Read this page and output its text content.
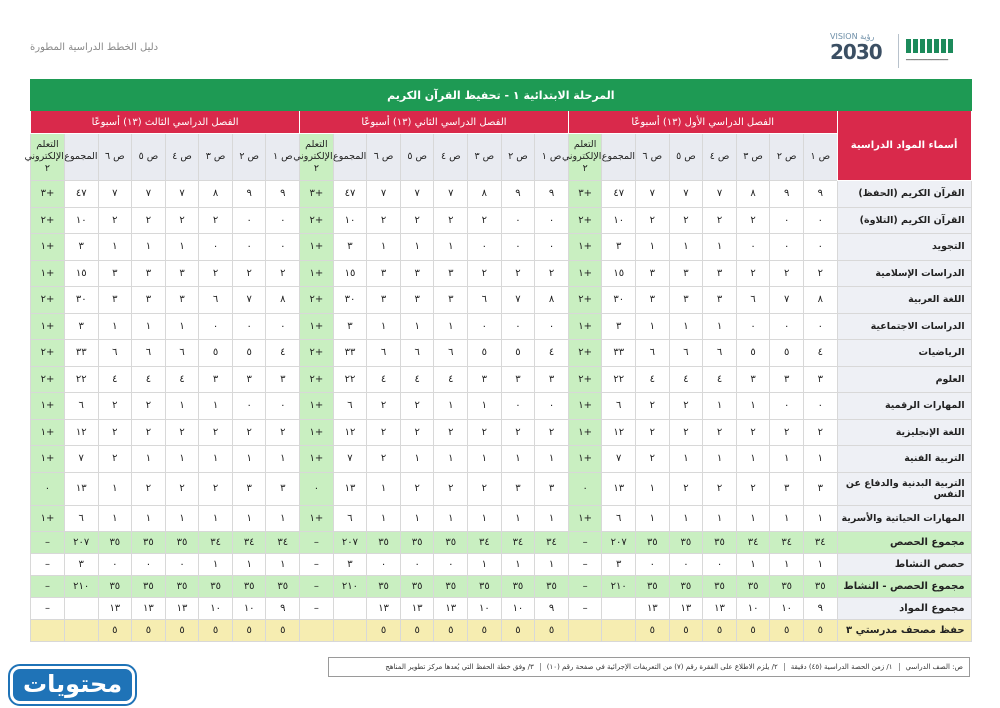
دليل الخطط الدراسية المطورة
VISION رؤية
2030	━━━━━━━━━━
المرحلة الابتدائية ١ - تحفيظ القرآن الكريم																								
أسماء المواد الدراسية	الفصل الدراسي الأول (١٣) أسبوعًا								الفصل الدراسي الثاني (١٣) أسبوعًا								الفصل الدراسي الثالث (١٣) أسبوعًا							
	ص ١	ص ٢	ص ٣	ص ٤	ص ٥	ص ٦	المجموع	التعلم الإلكتروني ٢	ص ١	ص ٢	ص ٣	ص ٤	ص ٥	ص ٦	المجموع	التعلم الإلكتروني ٢	ص ١	ص ٢	ص ٣	ص ٤	ص ٥	ص ٦	المجموع	التعلم الإلكتروني ٢
القرآن الكريم (الحفظ)	٩	٩	٨	٧	٧	٧	٤٧	+٣	٩	٩	٨	٧	٧	٧	٤٧	+٣	٩	٩	٨	٧	٧	٧	٤٧	+٣
القرآن الكريم (التلاوة)	٠	٠	٢	٢	٢	٢	١٠	+٢	٠	٠	٢	٢	٢	٢	١٠	+٢	٠	٠	٢	٢	٢	٢	١٠	+٢
التجويد	٠	٠	٠	١	١	١	٣	+١	٠	٠	٠	١	١	١	٣	+١	٠	٠	٠	١	١	١	٣	+١
الدراسات الإسلامية	٢	٢	٢	٣	٣	٣	١٥	+١	٢	٢	٢	٣	٣	٣	١٥	+١	٢	٢	٢	٣	٣	٣	١٥	+١
اللغة العربية	٨	٧	٦	٣	٣	٣	٣٠	+٢	٨	٧	٦	٣	٣	٣	٣٠	+٢	٨	٧	٦	٣	٣	٣	٣٠	+٢
الدراسات الاجتماعية	٠	٠	٠	١	١	١	٣	+١	٠	٠	٠	١	١	١	٣	+١	٠	٠	٠	١	١	١	٣	+١
الرياضيات	٤	٥	٥	٦	٦	٦	٣٣	+٢	٤	٥	٥	٦	٦	٦	٣٣	+٢	٤	٥	٥	٦	٦	٦	٣٣	+٢
العلوم	٣	٣	٣	٤	٤	٤	٢٢	+٢	٣	٣	٣	٤	٤	٤	٢٢	+٢	٣	٣	٣	٤	٤	٤	٢٢	+٢
المهارات الرقمية	٠	٠	١	١	٢	٢	٦	+١	٠	٠	١	١	٢	٢	٦	+١	٠	٠	١	١	٢	٢	٦	+١
اللغة الإنجليزية	٢	٢	٢	٢	٢	٢	١٢	+١	٢	٢	٢	٢	٢	٢	١٢	+١	٢	٢	٢	٢	٢	٢	١٢	+١
التربية الفنية	١	١	١	١	١	٢	٧	+١	١	١	١	١	١	٢	٧	+١	١	١	١	١	١	٢	٧	+١
التربية البدنية والدفاع عن النفس	٣	٣	٢	٢	٢	١	١٣	٠	٣	٣	٢	٢	٢	١	١٣	٠	٣	٣	٢	٢	٢	١	١٣	٠
المهارات الحياتية والأسرية	١	١	١	١	١	١	٦	+١	١	١	١	١	١	١	٦	+١	١	١	١	١	١	١	٦	+١
مجموع الحصص	٣٤	٣٤	٣٤	٣٥	٣٥	٣٥	٢٠٧	–	٣٤	٣٤	٣٤	٣٥	٣٥	٣٥	٢٠٧	–	٣٤	٣٤	٣٤	٣٥	٣٥	٣٥	٢٠٧	–
حصص النشاط	١	١	١	٠	٠	٠	٣	–	١	١	١	٠	٠	٠	٣	–	١	١	١	٠	٠	٠	٣	–
مجموع الحصص - النشاط	٣٥	٣٥	٣٥	٣٥	٣٥	٣٥	٢١٠	–	٣٥	٣٥	٣٥	٣٥	٣٥	٣٥	٢١٠	–	٣٥	٣٥	٣٥	٣٥	٣٥	٣٥	٢١٠	–
مجموع المواد	٩	١٠	١٠	١٣	١٣	١٣		–	٩	١٠	١٠	١٣	١٣	١٣		–	٩	١٠	١٠	١٣	١٣	١٣		–
حفظ مصحف مدرستي ٣	٥	٥	٥	٥	٥	٥			٥	٥	٥	٥	٥	٥			٥	٥	٥	٥	٥	٥		
ص: الصف الدراسي
١/ زمن الحصة الدراسية (٤٥) دقيقة
٢/ يلزم الاطلاع على الفقرة رقم (٧) من التعريفات الإجرائية في صفحة رقم (١٠)
٣/ وفق خطة الحفظ التي يُعدها مركز تطوير المناهج
محتويات
